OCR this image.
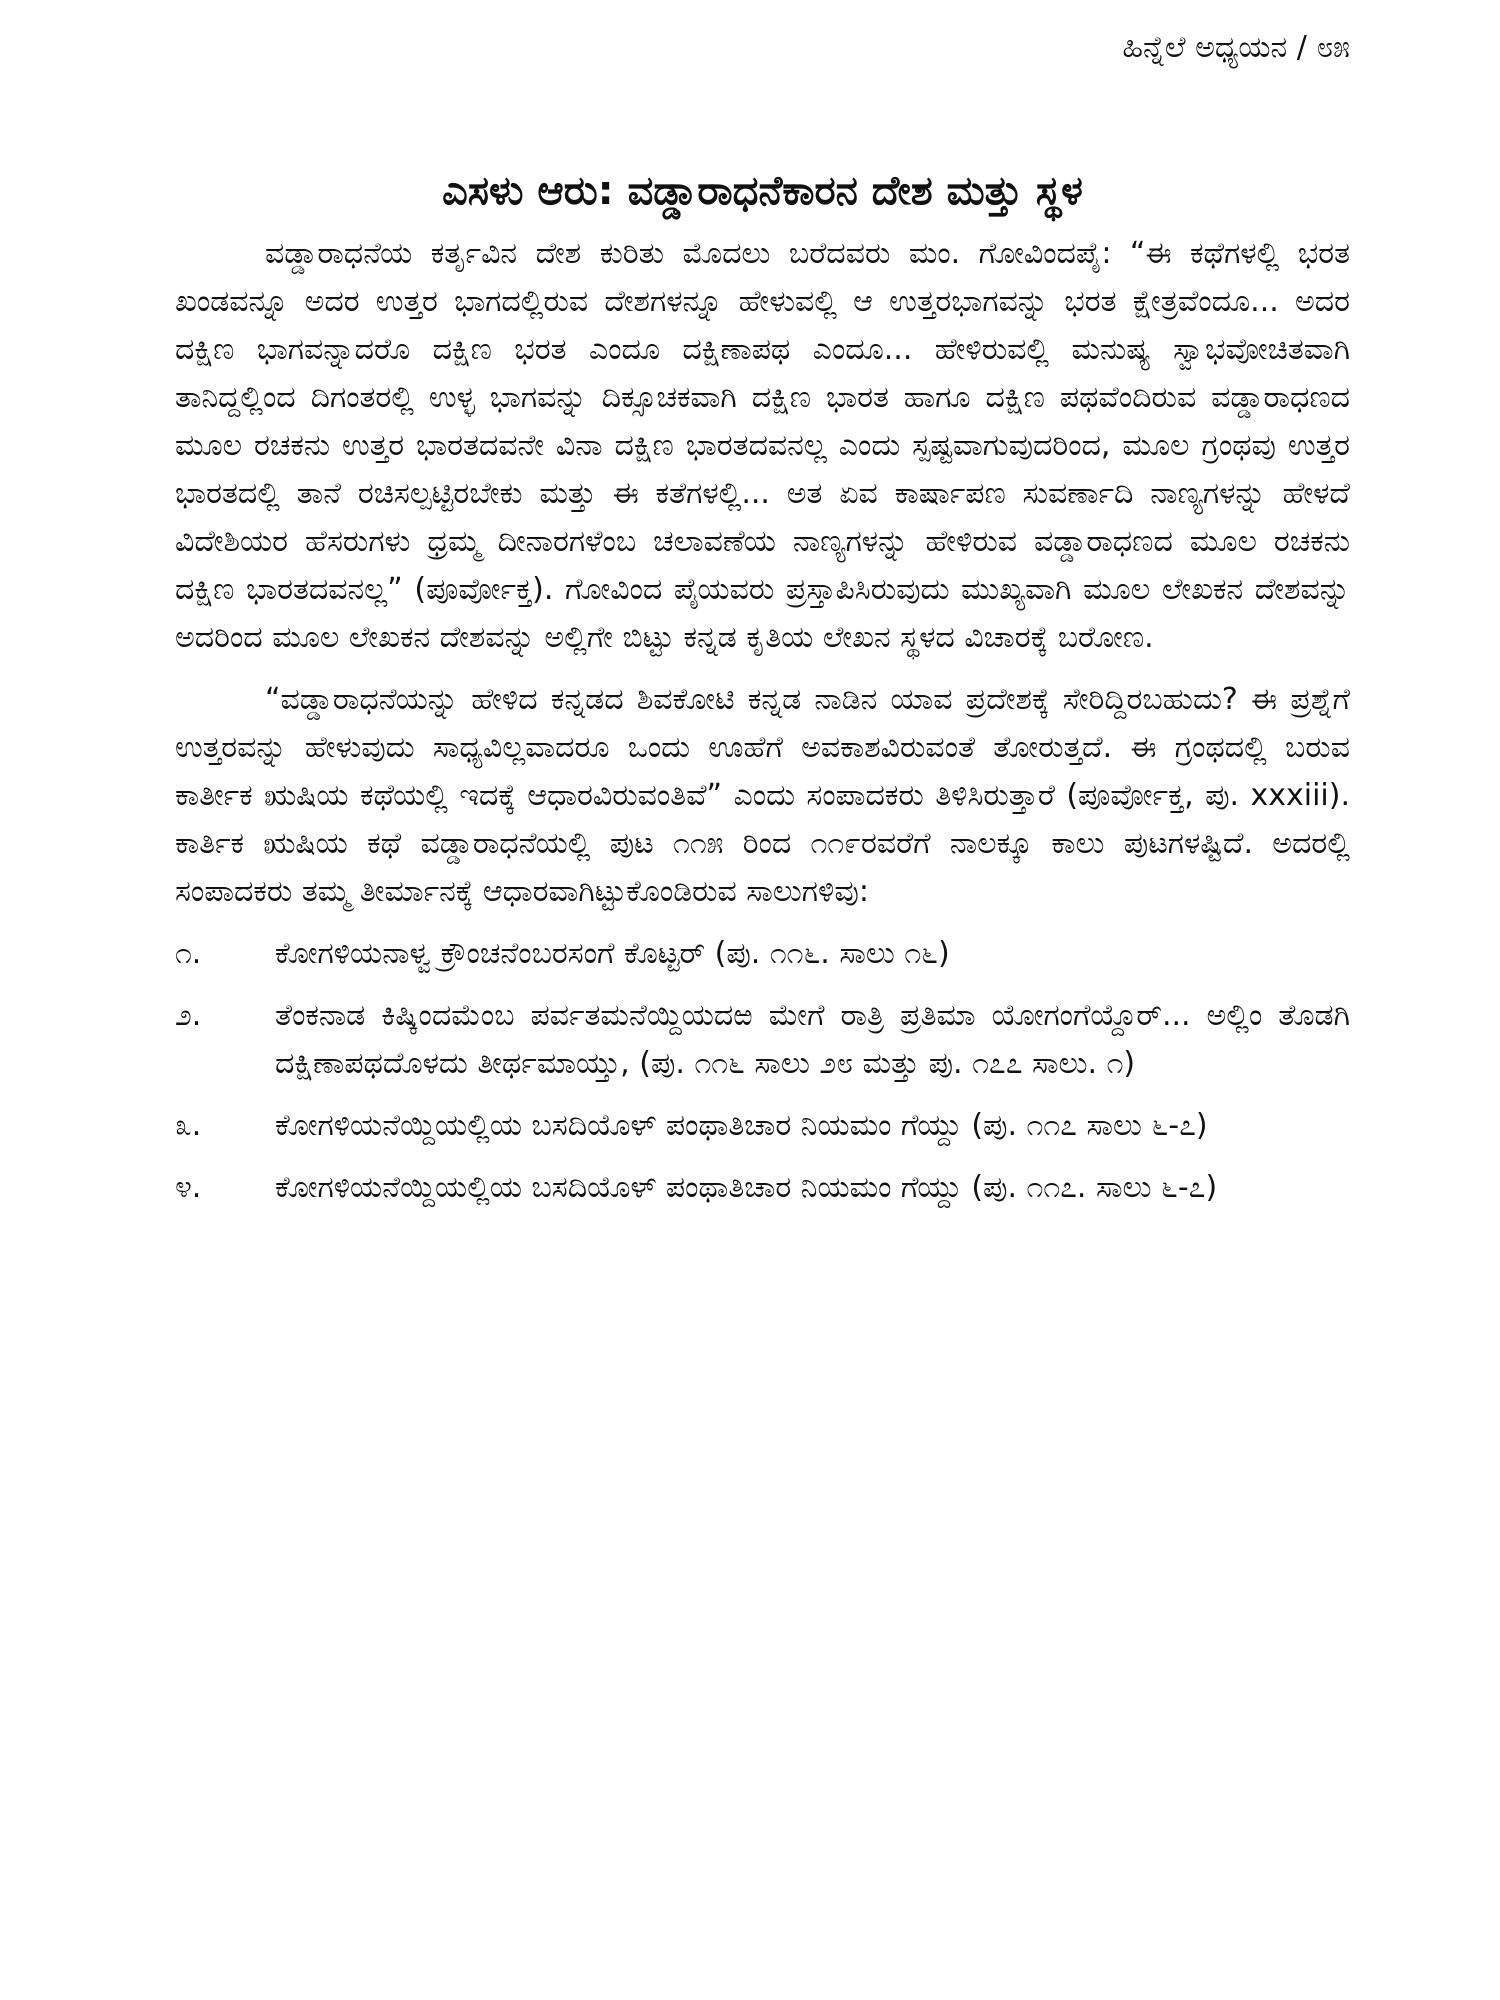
ಹಿನ್ನೆಲೆ ಅಧ್ಯಯನ / ೮೫
ಎಸಳು ಆರು: ವಡ್ಡಾರಾಧನೆಕಾರನ ದೇಶ ಮತ್ತು ಸ್ಥಳ

ವಡ್ಡಾರಾಧನೆಯ ಕರ್ತೃವಿನ ದೇಶ ಕುರಿತು ಮೊದಲು ಬರೆದವರು ಮಂ. ಗೋವಿಂದಪೈ: “ಈ ಕಥೆಗಳಲ್ಲಿ ಭರತ ಖಂಡವನ್ನೂ ಅದರ ಉತ್ತರ ಭಾಗದಲ್ಲಿರುವ ದೇಶಗಳನ್ನೂ ಹೇಳುವಲ್ಲಿ ಆ ಉತ್ತರಭಾಗವನ್ನು ಭರತ ಕ್ಷೇತ್ರವೆಂದೂ... ಅದರ ದಕ್ಷಿಣ ಭಾಗವನ್ನಾದರೊ ದಕ್ಷಿಣ ಭರತ ಎಂದೂ ದಕ್ಷಿಣಾಪಥ ಎಂದೂ... ಹೇಳಿರುವಲ್ಲಿ ಮನುಷ್ಯ ಸ್ವಾಭವೋಚಿತವಾಗಿ ತಾನಿದ್ದಲ್ಲಿಂದ ದಿಗಂತರಲ್ಲಿ ಉಳ್ಳ ಭಾಗವನ್ನು ದಿಕ್ಸೂಚಕವಾಗಿ ದಕ್ಷಿಣ ಭಾರತ ಹಾಗೂ ದಕ್ಷಿಣ ಪಥವೆಂದಿರುವ ವಡ್ಡಾರಾಧಣದ ಮೂಲ ರಚಕನು ಉತ್ತರ ಭಾರತದವನೇ ವಿನಾ ದಕ್ಷಿಣ ಭಾರತದವನಲ್ಲ ಎಂದು ಸ್ಪಷ್ಟವಾಗುವುದರಿಂದ, ಮೂಲ ಗ್ರಂಥವು ಉತ್ತರ ಭಾರತದಲ್ಲಿ ತಾನೆ ರಚಿಸಲ್ಪಟ್ಟಿರಬೇಕು ಮತ್ತು ಈ ಕತೆಗಳಲ್ಲಿ... ಅತ ಏವ ಕಾರ್ಷಾಪಣ ಸುವರ್ಣಾದಿ ನಾಣ್ಯಗಳನ್ನು ಹೇಳದೆ ವಿದೇಶಿಯರ ಹೆಸರುಗಳು ಧ್ರಮ್ಮ ದೀನಾರಗಳೆಂಬ ಚಲಾವಣೆಯ ನಾಣ್ಯಗಳನ್ನು ಹೇಳಿರುವ ವಡ್ಡಾರಾಧಣದ ಮೂಲ ರಚಕನು ದಕ್ಷಿಣ ಭಾರತದವನಲ್ಲ” (ಪೂರ್ವೋಕ್ತ). ಗೋವಿಂದ ಪೈಯವರು ಪ್ರಸ್ತಾಪಿಸಿರುವುದು ಮುಖ್ಯವಾಗಿ ಮೂಲ ಲೇಖಕನ ದೇಶವನ್ನು ಅದರಿಂದ ಮೂಲ ಲೇಖಕನ ದೇಶವನ್ನು ಅಲ್ಲಿಗೇ ಬಿಟ್ಟು ಕನ್ನಡ ಕೃತಿಯ ಲೇಖನ ಸ್ಥಳದ ವಿಚಾರಕ್ಕೆ ಬರೋಣ.

“ವಡ್ಡಾರಾಧನೆಯನ್ನು ಹೇಳಿದ ಕನ್ನಡದ ಶಿವಕೋಟಿ ಕನ್ನಡ ನಾಡಿನ ಯಾವ ಪ್ರದೇಶಕ್ಕೆ ಸೇರಿದ್ದಿರಬಹುದು? ಈ ಪ್ರಶ್ನೆಗೆ ಉತ್ತರವನ್ನು ಹೇಳುವುದು ಸಾಧ್ಯವಿಲ್ಲವಾದರೂ ಒಂದು ಊಹೆಗೆ ಅವಕಾಶವಿರುವಂತೆ ತೋರುತ್ತದೆ. ಈ ಗ್ರಂಥದಲ್ಲಿ ಬರುವ ಕಾರ್ತೀಕ ಋಷಿಯ ಕಥೆಯಲ್ಲಿ ಇದಕ್ಕೆ ಆಧಾರವಿರುವಂತಿವೆ” ಎಂದು ಸಂಪಾದಕರು ತಿಳಿಸಿರುತ್ತಾರೆ (ಪೂರ್ವೋಕ್ತ, ಪು. xxxiii). ಕಾರ್ತಿಕ ಋಷಿಯ ಕಥೆ ವಡ್ಡಾರಾಧನೆಯಲ್ಲಿ ಪುಟ ೧೧೫ ರಿಂದ ೧೧೯ರವರೆಗೆ ನಾಲಕ್ಕೂ ಕಾಲು ಪುಟಗಳಷ್ಟಿದೆ. ಅದರಲ್ಲಿ ಸಂಪಾದಕರು ತಮ್ಮ ತೀರ್ಮಾನಕ್ಕೆ ಆಧಾರವಾಗಿಟ್ಟುಕೊಂಡಿರುವ ಸಾಲುಗಳಿವು:

೧.	ಕೋಗಳಿಯನಾಳ್ವ ಕ್ರೌಂಚನೆಂಬರಸಂಗೆ ಕೊಟ್ಟರ್ (ಪು. ೧೧೬. ಸಾಲು ೧೬)
೨.	ತೆಂಕನಾಡ ಕಿಷ್ಕಿಂದಮೆಂಬ ಪರ್ವತಮನೆಯ್ದಿಯದಱ ಮೇಗೆ ರಾತ್ರಿ ಪ್ರತಿಮಾ ಯೋಗಂಗೆಯ್ದೊರ್... ಅಲ್ಲಿಂ ತೊಡಗಿ ದಕ್ಷಿಣಾಪಥದೊಳದು ತೀರ್ಥಮಾಯ್ತು, (ಪು. ೧೧೬ ಸಾಲು ೨೮ ಮತ್ತು ಪು. ೧೭೭ ಸಾಲು. ೧)
೩.	ಕೋಗಳಿಯನೆಯ್ದಿಯಲ್ಲಿಯ ಬಸದಿಯೊಳ್ ಪಂಥಾತಿಚಾರ ನಿಯಮಂ ಗೆಯ್ದು (ಪು. ೧೧೭ ಸಾಲು ೬-೭)
೪.	ಕೋಗಳಿಯನೆಯ್ದಿಯಲ್ಲಿಯ ಬಸದಿಯೊಳ್ ಪಂಥಾತಿಚಾರ ನಿಯಮಂ ಗೆಯ್ದು (ಪು. ೧೧೭. ಸಾಲು ೬-೭)
